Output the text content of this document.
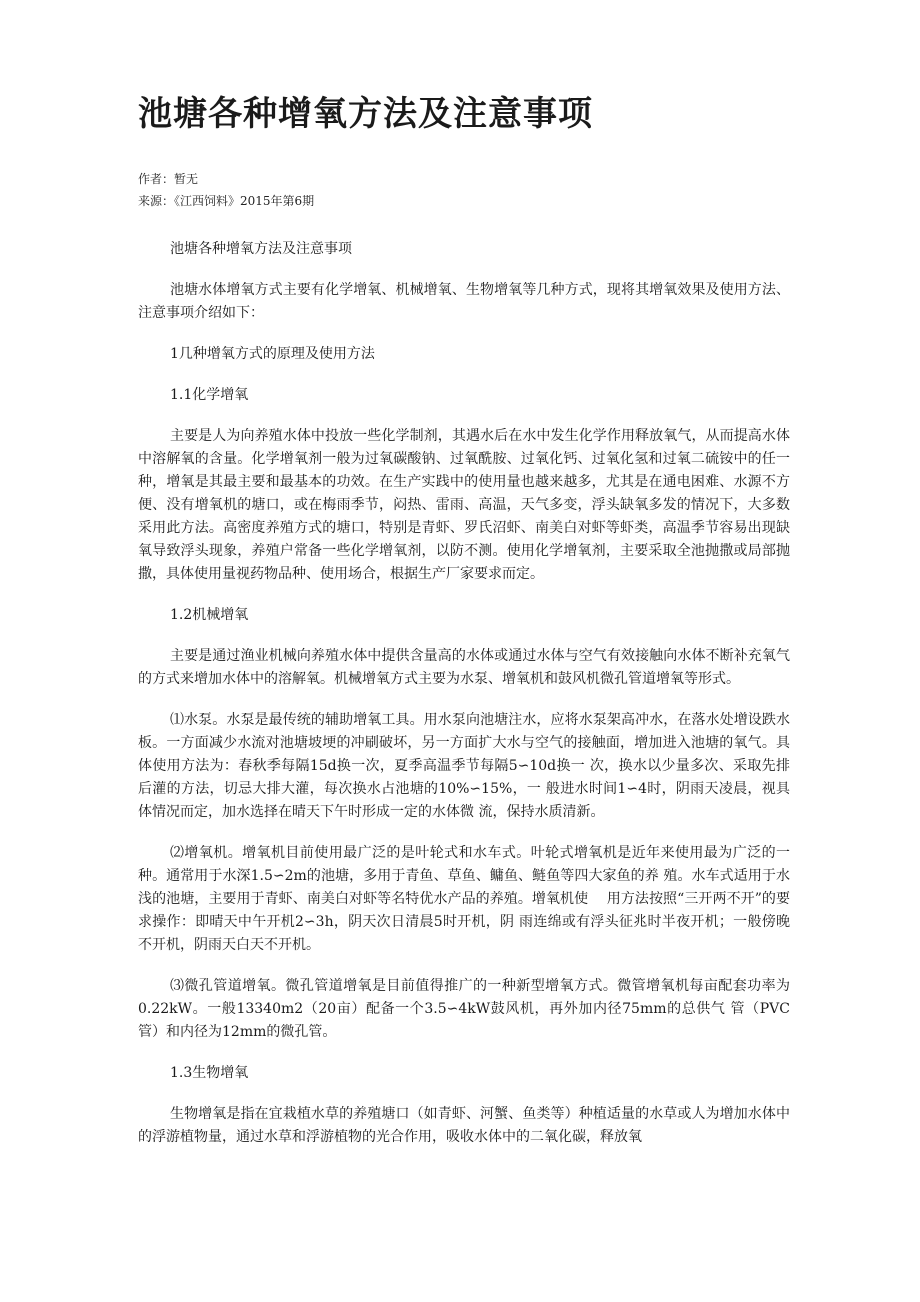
池塘各种增氧方法及注意事项
作者：暂无
来源：《江西饲料》2015年第6期

池塘各种增氧方法及注意事项

池塘水体增氧方式主要有化学增氧、机械增氧、生物增氧等几种方式，现将其增氧效果及使用方法、注意事项介绍如下：

1几种增氧方式的原理及使用方法

1.1化学增氧

主要是人为向养殖水体中投放一些化学制剂，其遇水后在水中发生化学作用释放氧气，从而提高水体中溶解氧的含量。化学增氧剂一般为过氧碳酸钠、过氧酰胺、过氧化钙、过氧化氢和过氧二硫铵中的任一种，增氧是其最主要和最基本的功效。在生产实践中的使用量也越来越多，尤其是在通电困难、水源不方便、没有增氧机的塘口，或在梅雨季节，闷热、雷雨、高温，天气多变，浮头缺氧多发的情况下，大多数采用此方法。高密度养殖方式的塘口，特别是青虾、罗氏沼虾、南美白对虾等虾类，高温季节容易出现缺氧导致浮头现象，养殖户常备一些化学增氧剂，以防不测。使用化学增氧剂，主要采取全池抛撒或局部抛撒，具体使用量视药物品种、使用场合，根据生产厂家要求而定。

1.2机械增氧

主要是通过渔业机械向养殖水体中提供含量高的水体或通过水体与空气有效接触向水体不断补充氧气的方式来增加水体中的溶解氧。机械增氧方式主要为水泵、增氧机和鼓风机微孔管道增氧等形式。

⑴水泵。水泵是最传统的辅助增氧工具。用水泵向池塘注水，应将水泵架高冲水，在落水处增设跌水板。一方面减少水流对池塘坡埂的冲刷破坏，另一方面扩大水与空气的接触面，增加进入池塘的氧气。具体使用方法为：春秋季每隔15d换一次，夏季高温季节每隔5∽10d换一 次，换水以少量多次、采取先排后灌的方法，切忌大排大灌，每次换水占池塘的10%∽15%，一 般进水时间1∽4时，阴雨天凌晨，视具体情况而定，加水选择在晴天下午时形成一定的水体微 流，保持水质清新。

⑵增氧机。增氧机目前使用最广泛的是叶轮式和水车式。叶轮式增氧机是近年来使用最为广泛的一种。通常用于水深1.5∽2m的池塘，多用于青鱼、草鱼、鳙鱼、鲢鱼等四大家鱼的养 殖。水车式适用于水浅的池塘，主要用于青虾、南美白对虾等名特优水产品的养殖。增氧机使　 用方法按照“三开两不开”的要求操作：即晴天中午开机2∽3h，阴天次日清晨5时开机，阴 雨连绵或有浮头征兆时半夜开机；一般傍晚不开机，阴雨天白天不开机。

⑶微孔管道增氧。微孔管道增氧是目前值得推广的一种新型增氧方式。微管增氧机每亩配套功率为0.22kW。一般13340m2（20亩）配备一个3.5∽4kW鼓风机，再外加内径75mm的总供气 管（PVC管）和内径为12mm的微孔管。

1.3生物增氧

生物增氧是指在宜栽植水草的养殖塘口（如青虾、河蟹、鱼类等）种植适量的水草或人为增加水体中的浮游植物量，通过水草和浮游植物的光合作用，吸收水体中的二氧化碳，释放氧
